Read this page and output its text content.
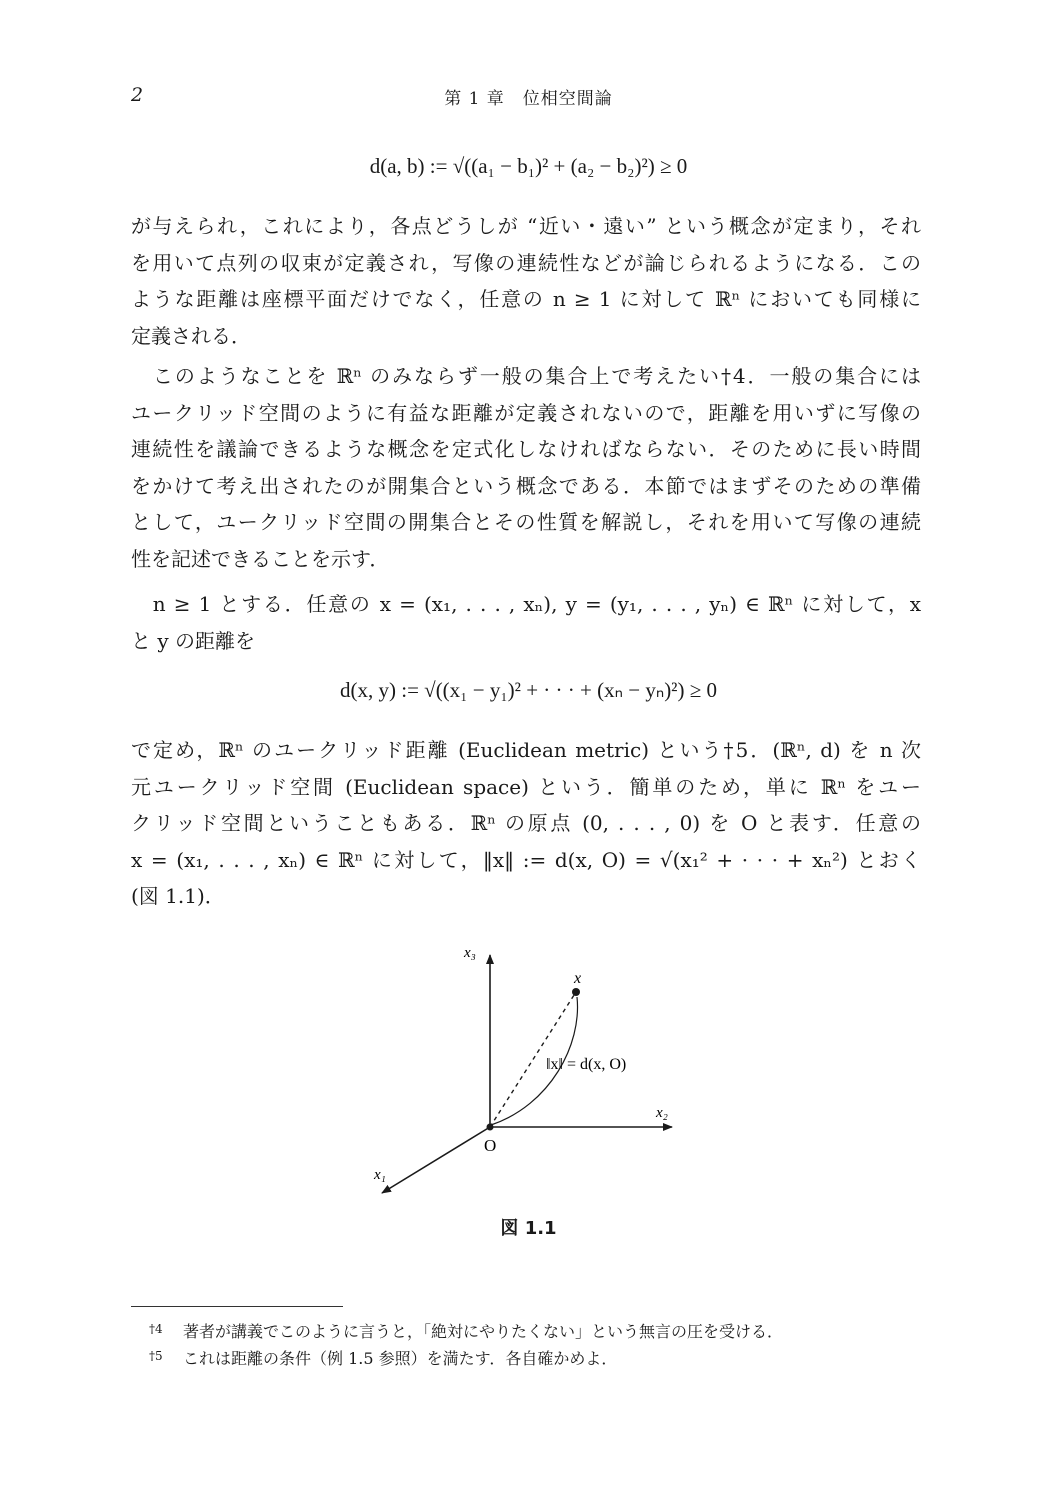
2	第 1 章　位相空間論
d(a, b) := √((a₁ − b₁)² + (a₂ − b₂)²) ≥ 0
が与えられ，これにより，各点どうしが “近い・遠い” という概念が定まり，それ
を用いて点列の収束が定義され，写像の連続性などが論じられるようになる．この
ような距離は座標平面だけでなく，任意の n ≥ 1 に対して ℝⁿ においても同様に
定義される．
　このようなことを ℝⁿ のみならず一般の集合上で考えたい†4．一般の集合には
ユークリッド空間のように有益な距離が定義されないので，距離を用いずに写像の
連続性を議論できるような概念を定式化しなければならない．そのために長い時間
をかけて考え出されたのが開集合という概念である．本節ではまずそのための準備
として，ユークリッド空間の開集合とその性質を解説し，それを用いて写像の連続
性を記述できることを示す．
　n ≥ 1 とする．任意の x = (x₁, . . . , xₙ), y = (y₁, . . . , yₙ) ∈ ℝⁿ に対して，x
と y の距離を
d(x, y) := √((x₁ − y₁)² + · · · + (xₙ − yₙ)²) ≥ 0
で定め，ℝⁿ のユークリッド距離 (Euclidean metric) という†5．(ℝⁿ, d) を n 次
元ユークリッド空間 (Euclidean space) という．簡単のため，単に ℝⁿ をユー
クリッド空間ということもある．ℝⁿ の原点 (0, . . . , 0) を O と表す．任意の
x = (x₁, . . . , xₙ) ∈ ℝⁿ に対して，‖x‖ := d(x, O) = √(x₁² + · · · + xₙ²) とおく
(図 1.1)．
x₃
x₂
x₁
x
O
‖x‖ = d(x, O)
図 1.1
†4 著者が講義でこのように言うと，「絶対にやりたくない」という無言の圧を受ける．
†5 これは距離の条件（例 1.5 参照）を満たす．各自確かめよ．
